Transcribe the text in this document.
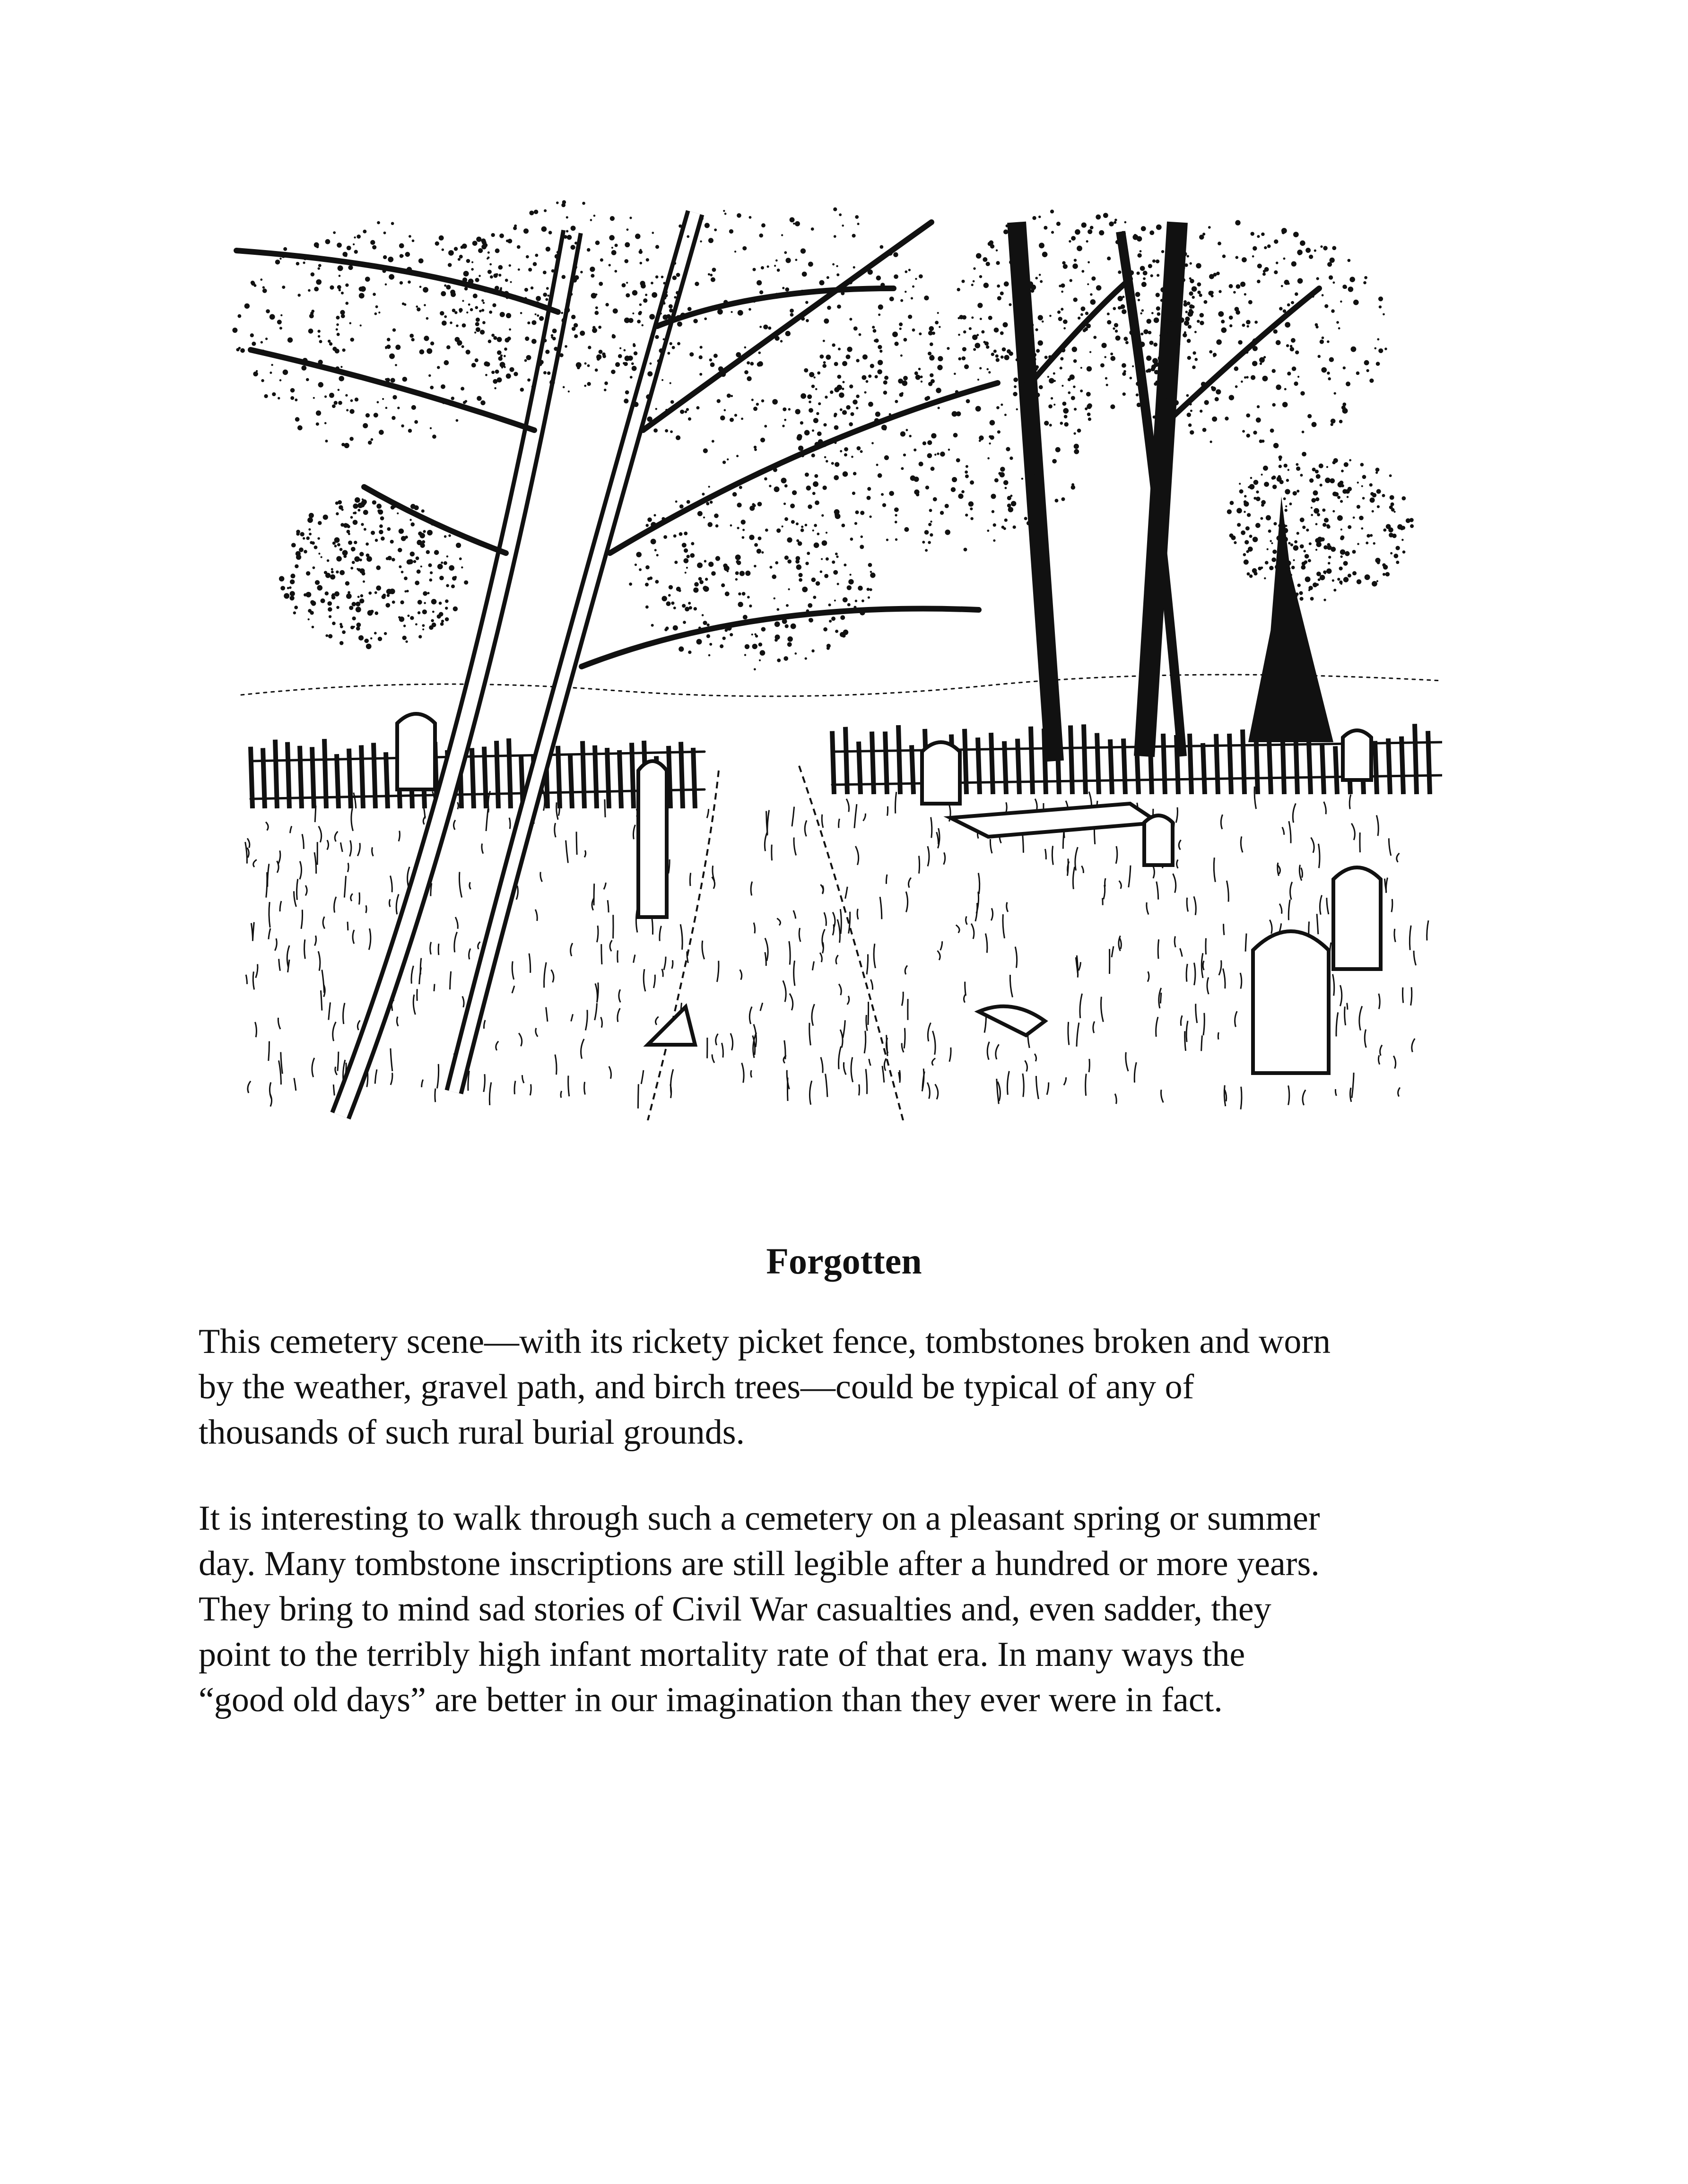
Forgotten

This cemetery scene—with its rickety picket fence, tombstones broken and worn
by the weather, gravel path, and birch trees—could be typical of any of
thousands of such rural burial grounds.

It is interesting to walk through such a cemetery on a pleasant spring or summer
day. Many tombstone inscriptions are still legible after a hundred or more years.
They bring to mind sad stories of Civil War casualties and, even sadder, they
point to the terribly high infant mortality rate of that era. In many ways the
“good old days” are better in our imagination than they ever were in fact.
